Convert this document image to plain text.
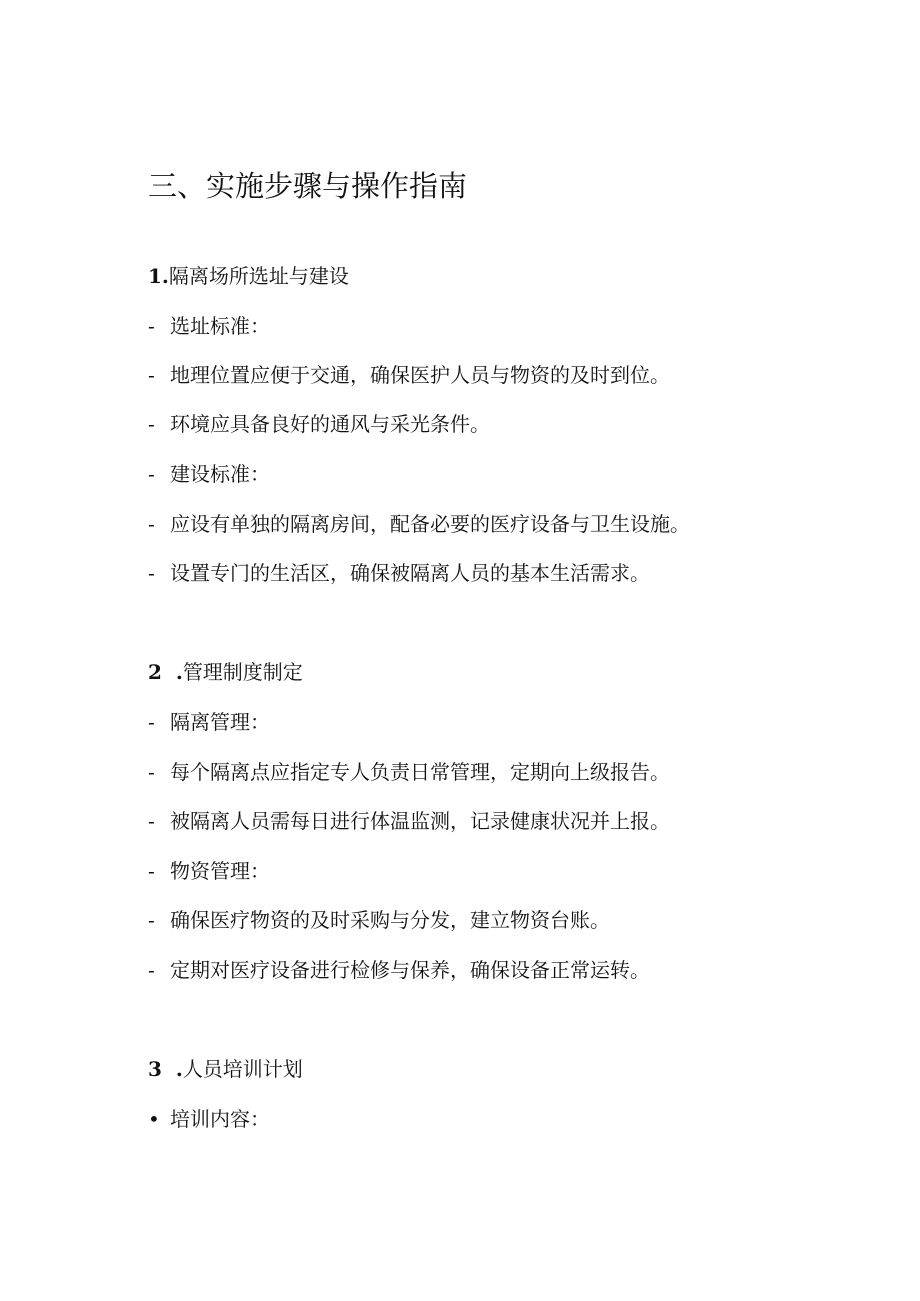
三、实施步骤与操作指南
1.隔离场所选址与建设
- 选址标准：
- 地理位置应便于交通，确保医护人员与物资的及时到位。
- 环境应具备良好的通风与采光条件。
- 建设标准：
- 应设有单独的隔离房间，配备必要的医疗设备与卫生设施。
- 设置专门的生活区，确保被隔离人员的基本生活需求。
2  .管理制度制定
- 隔离管理：
- 每个隔离点应指定专人负责日常管理，定期向上级报告。
- 被隔离人员需每日进行体温监测，记录健康状况并上报。
- 物资管理：
- 确保医疗物资的及时采购与分发，建立物资台账。
- 定期对医疗设备进行检修与保养，确保设备正常运转。
3  .人员培训计划
• 培训内容：
